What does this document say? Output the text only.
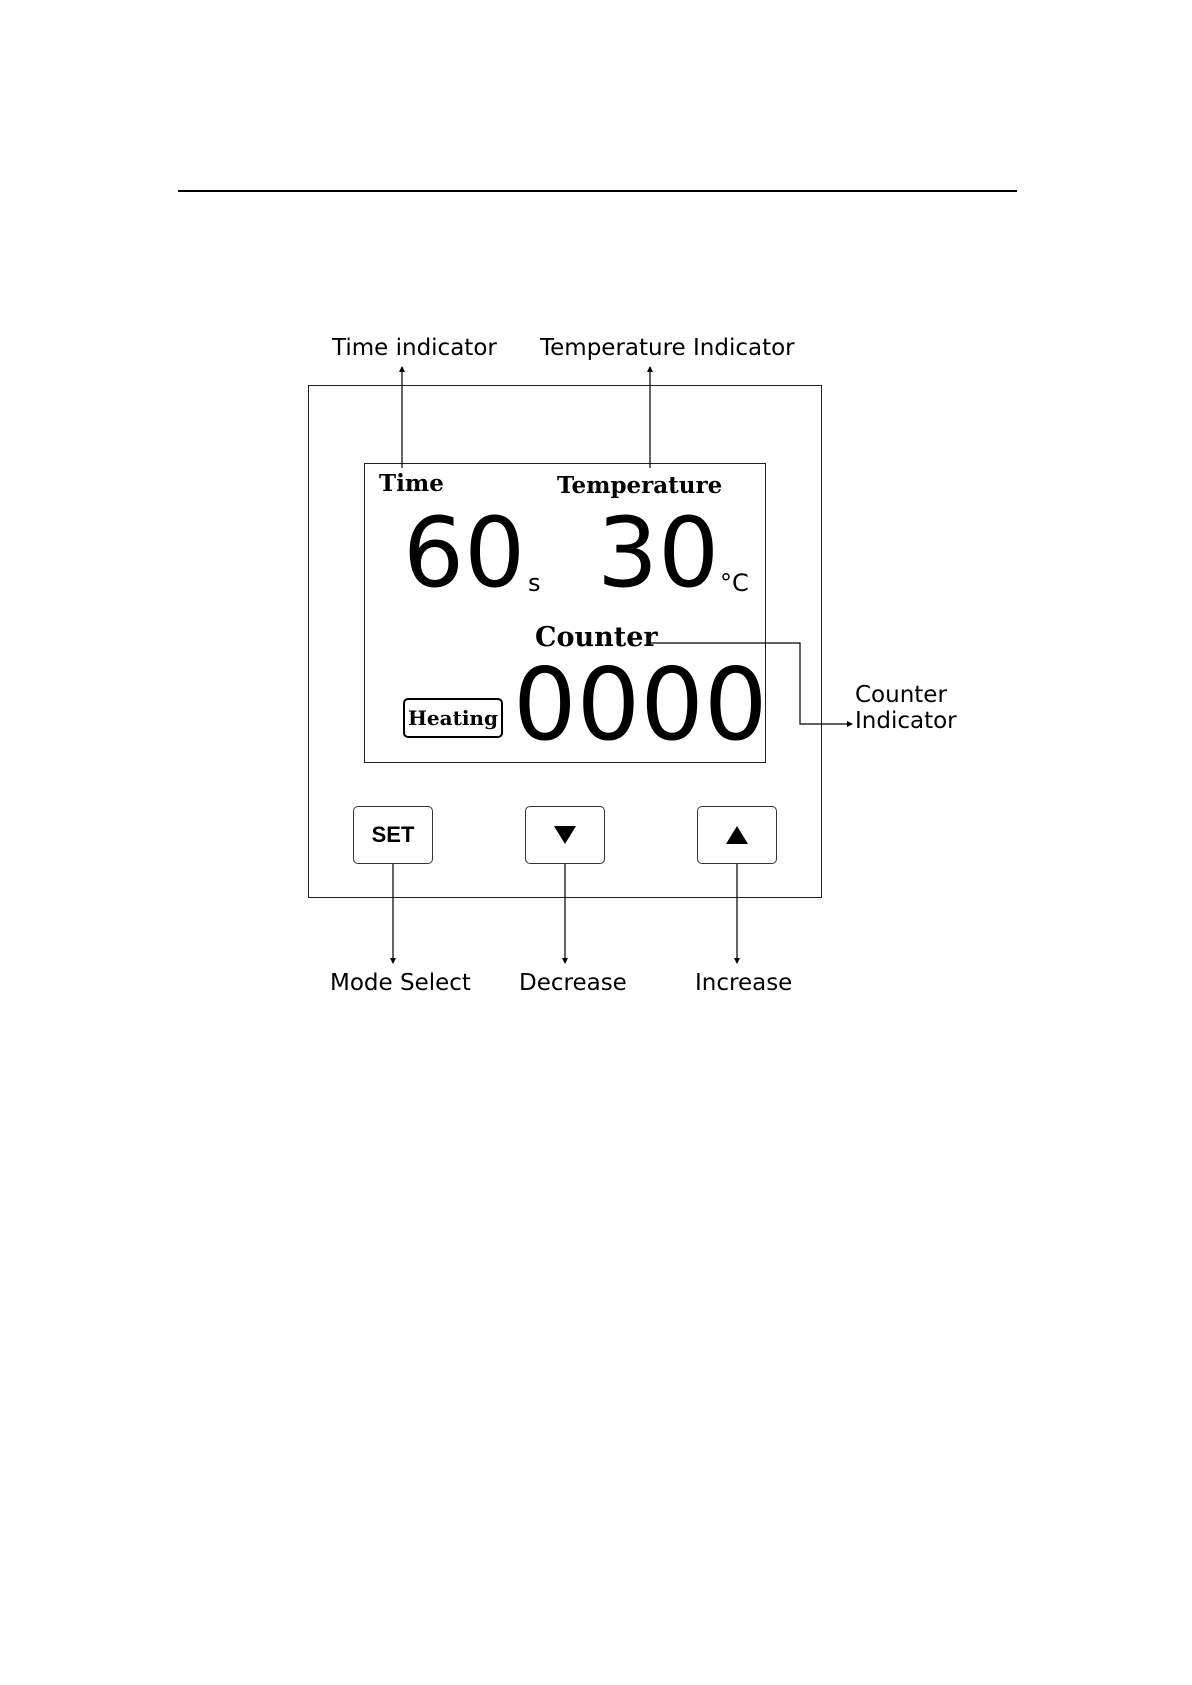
Time indicator Temperature Indicator
Counter
Indicator
Mode Select Decrease	Increase
Time	Temperature
60 s 30 °C
Counter
Heating 0000
SET
